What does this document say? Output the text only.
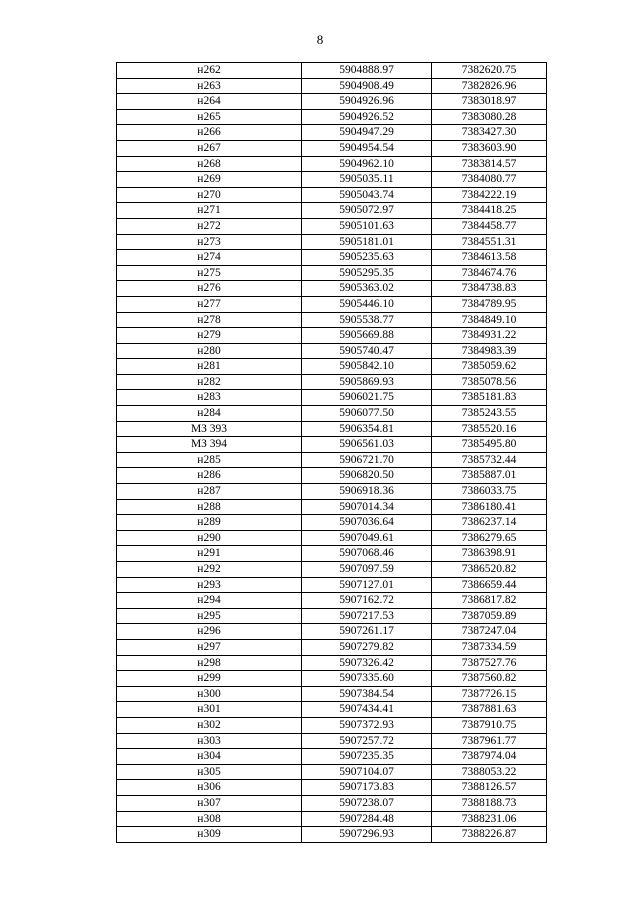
8
н262	5904888.97	7382620.75
н263	5904908.49	7382826.96
н264	5904926.96	7383018.97
н265	5904926.52	7383080.28
н266	5904947.29	7383427.30
н267	5904954.54	7383603.90
н268	5904962.10	7383814.57
н269	5905035.11	7384080.77
н270	5905043.74	7384222.19
н271	5905072.97	7384418.25
н272	5905101.63	7384458.77
н273	5905181.01	7384551.31
н274	5905235.63	7384613.58
н275	5905295.35	7384674.76
н276	5905363.02	7384738.83
н277	5905446.10	7384789.95
н278	5905538.77	7384849.10
н279	5905669.88	7384931.22
н280	5905740.47	7384983.39
н281	5905842.10	7385059.62
н282	5905869.93	7385078.56
н283	5906021.75	7385181.83
н284	5906077.50	7385243.55
МЗ 393	5906354.81	7385520.16
МЗ 394	5906561.03	7385495.80
н285	5906721.70	7385732.44
н286	5906820.50	7385887.01
н287	5906918.36	7386033.75
н288	5907014.34	7386180.41
н289	5907036.64	7386237.14
н290	5907049.61	7386279.65
н291	5907068.46	7386398.91
н292	5907097.59	7386520.82
н293	5907127.01	7386659.44
н294	5907162.72	7386817.82
н295	5907217.53	7387059.89
н296	5907261.17	7387247.04
н297	5907279.82	7387334.59
н298	5907326.42	7387527.76
н299	5907335.60	7387560.82
н300	5907384.54	7387726.15
н301	5907434.41	7387881.63
н302	5907372.93	7387910.75
н303	5907257.72	7387961.77
н304	5907235.35	7387974.04
н305	5907104.07	7388053.22
н306	5907173.83	7388126.57
н307	5907238.07	7388188.73
н308	5907284.48	7388231.06
н309	5907296.93	7388226.87
